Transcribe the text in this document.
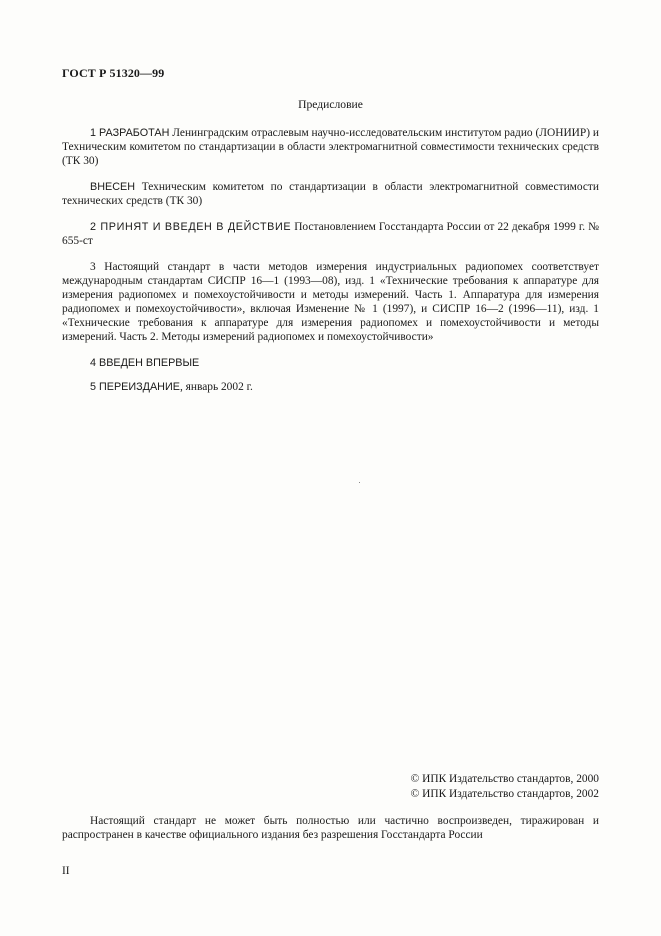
ГОСТ Р 51320—99
Предисловие

1 РАЗРАБОТАН Ленинградским отраслевым научно-исследовательским институтом радио (ЛОНИИР) и Техническим комитетом по стандартизации в области электромагнитной совместимости технических средств (ТК 30)

ВНЕСЕН Техническим комитетом по стандартизации в области электромагнитной совместимости технических средств (ТК 30)

2 ПРИНЯТ И ВВЕДЕН В ДЕЙСТВИЕ Постановлением Госстандарта России от 22 декабря 1999 г. № 655-ст

3 Настоящий стандарт в части методов измерения индустриальных радиопомех соответствует международным стандартам СИСПР 16—1 (1993—08), изд. 1 «Технические требования к аппаратуре для измерения радиопомех и помехоустойчивости и методы измерений. Часть 1. Аппаратура для измерения радиопомех и помехоустойчивости», включая Изменение № 1 (1997), и СИСПР 16—2 (1996—11), изд. 1 «Технические требования к аппаратуре для измерения радиопомех и помехоустойчивости и методы измерений. Часть 2. Методы измерений радиопомех и помехоустойчивости»

4 ВВЕДЕН ВПЕРВЫЕ

5 ПЕРЕИЗДАНИЕ, январь 2002 г.

© ИПК Издательство стандартов, 2000
© ИПК Издательство стандартов, 2002

Настоящий стандарт не может быть полностью или частично воспроизведен, тиражирован и распространен в качестве официального издания без разрешения Госстандарта России

II
